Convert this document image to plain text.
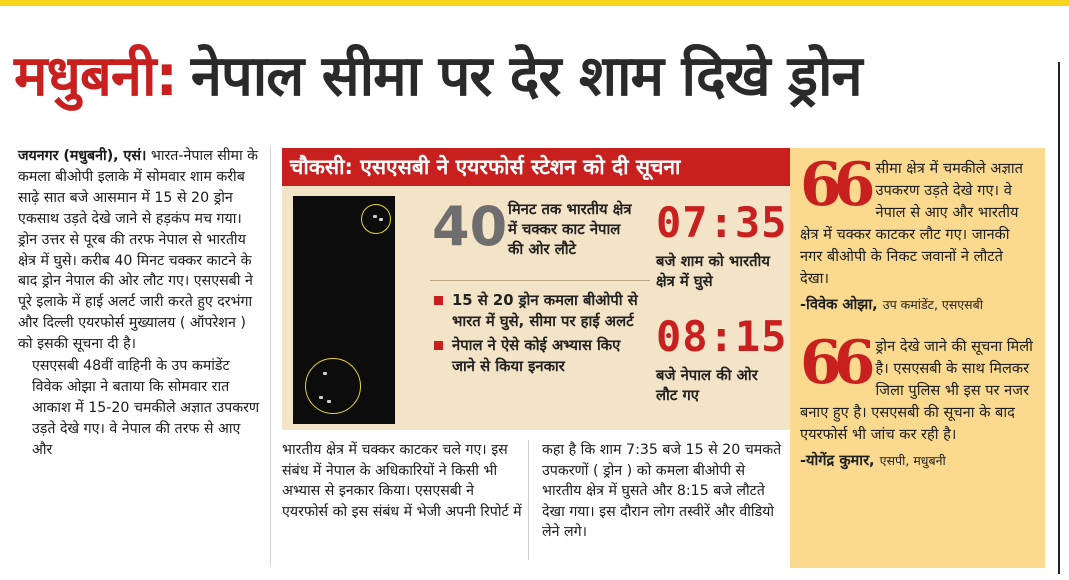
मधुबनी: नेपाल सीमा पर देर शाम दिखे ड्रोन

जयनगर (मधुबनी), एसं। भारत-नेपाल सीमा के कमला बीओपी इलाके में सोमवार शाम करीब साढ़े सात बजे आसमान में 15 से 20 ड्रोन एकसाथ उड़ते देखे जाने से हड़कंप मच गया। ड्रोन उत्तर से पूरब की तरफ नेपाल से भारतीय क्षेत्र में घुसे। करीब 40 मिनट चक्कर काटने के बाद ड्रोन नेपाल की ओर लौट गए। एसएसबी ने पूरे इलाके में हाई अलर्ट जारी करते हुए दरभंगा और दिल्ली एयरफोर्स मुख्यालय ( ऑपरेशन ) को इसकी सूचना दी है।

एसएसबी 48वीं वाहिनी के उप कमांडेंट विवेक ओझा ने बताया कि सोमवार रात आकाश में 15-20 चमकीले अज्ञात उपकरण उड़ते देखे गए। वे नेपाल की तरफ से आए और

चौकसी: एसएसबी ने एयरफोर्स स्टेशन को दी सूचना
40 मिनट तक भारतीय क्षेत्र में चक्कर काट नेपाल की ओर लौटे
15 से 20 ड्रोन कमला बीओपी से भारत में घुसे, सीमा पर हाई अलर्ट
नेपाल ने ऐसे कोई अभ्यास किए जाने से किया इनकार
07:35
बजे शाम को भारतीय क्षेत्र में घुसे
08:15
बजे नेपाल की ओर लौट गए

भारतीय क्षेत्र में चक्कर काटकर चले गए। इस संबंध में नेपाल के अधिकारियों ने किसी भी अभ्यास से इनकार किया। एसएसबी ने एयरफोर्स को इस संबंध में भेजी अपनी रिपोर्ट में

कहा है कि शाम 7:35 बजे 15 से 20 चमकते उपकरणों ( ड्रोन ) को कमला बीओपी से भारतीय क्षेत्र में घुसते और 8:15 बजे लौटते देखा गया। इस दौरान लोग तस्वीरें और वीडियो लेने लगे।

66 सीमा क्षेत्र में चमकीले अज्ञात उपकरण उड़ते देखे गए। वे नेपाल से आए और भारतीय क्षेत्र में चक्कर काटकर लौट गए। जानकी नगर बीओपी के निकट जवानों ने लौटते देखा।
-विवेक ओझा, उप कमांडेंट, एसएसबी
66 ड्रोन देखे जाने की सूचना मिली है। एसएसबी के साथ मिलकर जिला पुलिस भी इस पर नजर बनाए हुए है। एसएसबी की सूचना के बाद एयरफोर्स भी जांच कर रही है।
-योगेंद्र कुमार, एसपी, मधुबनी
